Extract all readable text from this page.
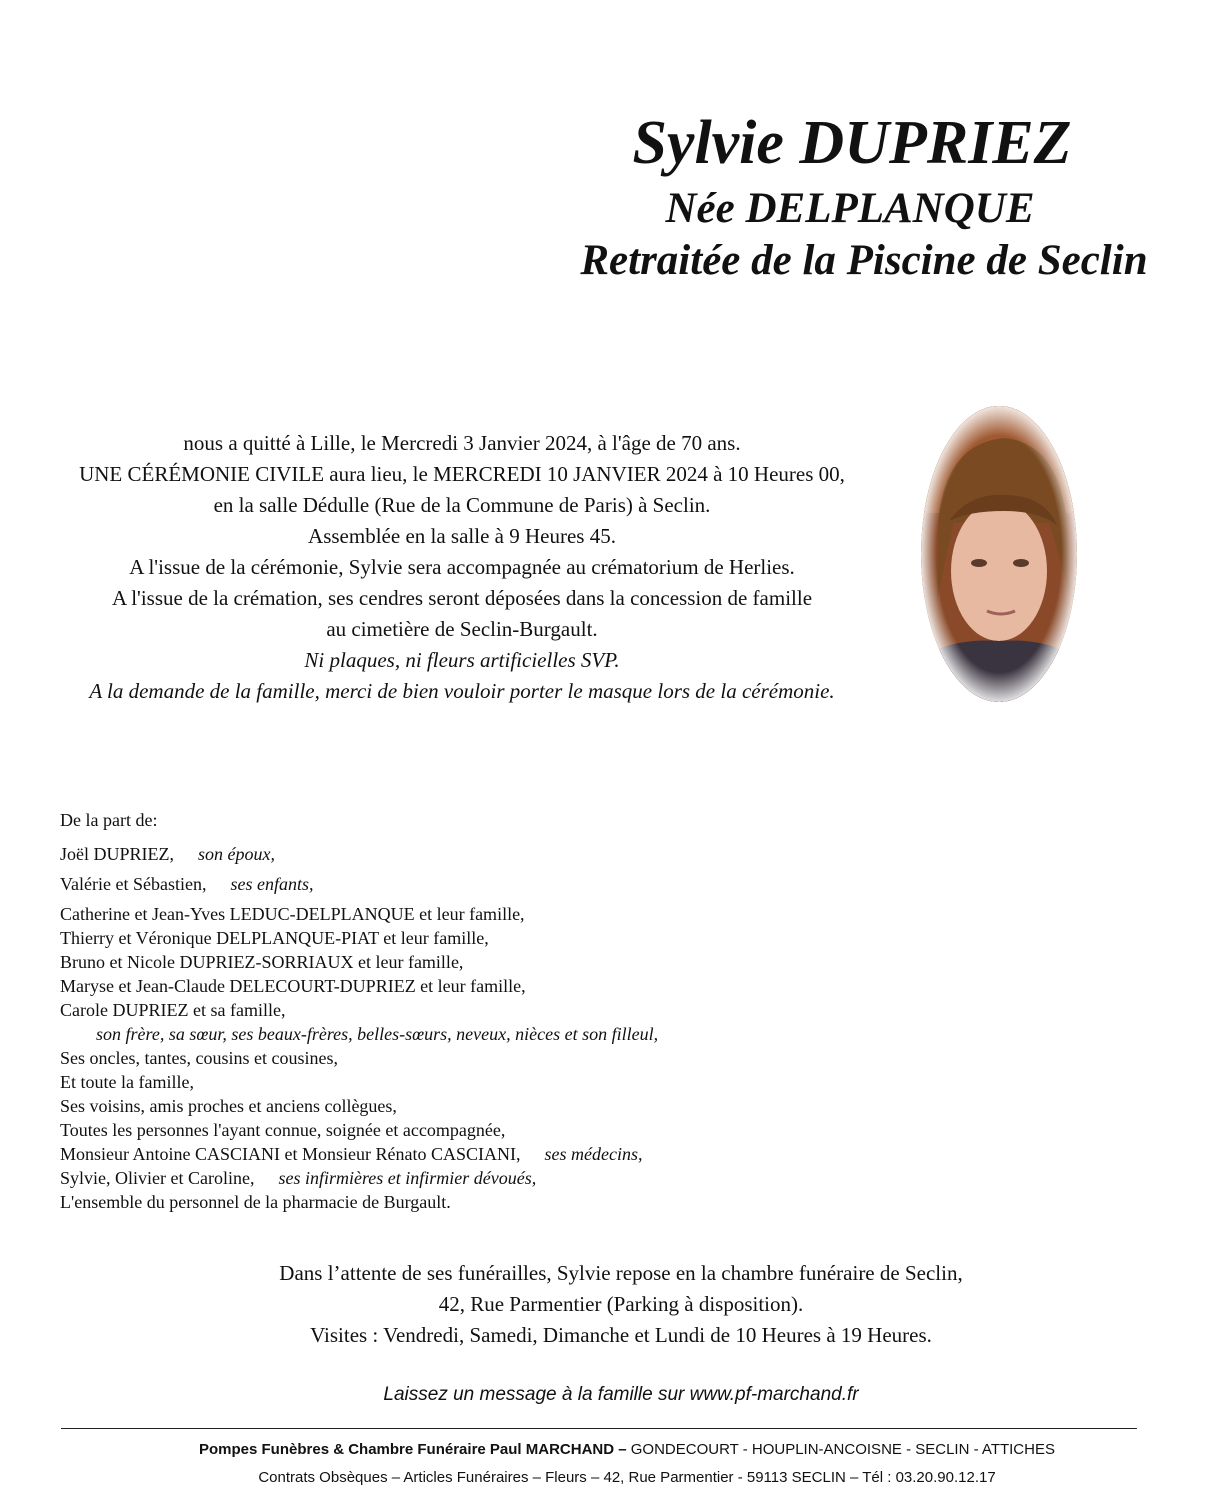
Sylvie DUPRIEZ
Née DELPLANQUE
Retraitée de la Piscine de Seclin
nous a quitté à Lille, le Mercredi 3 Janvier 2024, à l'âge de 70 ans.
UNE CÉRÉMONIE CIVILE aura lieu, le MERCREDI 10 JANVIER 2024 à 10 Heures 00,
en la salle Dédulle (Rue de la Commune de Paris) à Seclin.
Assemblée en la salle à 9 Heures 45.
A l'issue de la cérémonie, Sylvie sera accompagnée au crématorium de Herlies.
A l'issue de la crémation, ses cendres seront déposées dans la concession de famille
au cimetière de Seclin-Burgault.
Ni plaques, ni fleurs artificielles SVP.
A la demande de la famille, merci de bien vouloir porter le masque lors de la cérémonie.
De la part de:
Joël DUPRIEZ, son époux,
Valérie et Sébastien, ses enfants,
Catherine et Jean-Yves LEDUC-DELPLANQUE et leur famille,
Thierry et Véronique DELPLANQUE-PIAT et leur famille,
Bruno et Nicole DUPRIEZ-SORRIAUX et leur famille,
Maryse et Jean-Claude DELECOURT-DUPRIEZ et leur famille,
Carole DUPRIEZ et sa famille,
son frère, sa sœur, ses beaux-frères, belles-sœurs, neveux, nièces et son filleul,
Ses oncles, tantes, cousins et cousines,
Et toute la famille,
Ses voisins, amis proches et anciens collègues,
Toutes les personnes l'ayant connue, soignée et accompagnée,
Monsieur Antoine CASCIANI et Monsieur Rénato CASCIANI, ses médecins,
Sylvie, Olivier et Caroline, ses infirmières et infirmier dévoués,
L'ensemble du personnel de la pharmacie de Burgault.
Dans l’attente de ses funérailles, Sylvie repose en la chambre funéraire de Seclin,
42, Rue Parmentier (Parking à disposition).
Visites : Vendredi, Samedi, Dimanche et Lundi de 10 Heures à 19 Heures.
Laissez un message à la famille sur www.pf-marchand.fr
Pompes Funèbres & Chambre Funéraire Paul MARCHAND – GONDECOURT - HOUPLIN-ANCOISNE - SECLIN - ATTICHES
Contrats Obsèques – Articles Funéraires – Fleurs – 42, Rue Parmentier - 59113 SECLIN – Tél : 03.20.90.12.17
